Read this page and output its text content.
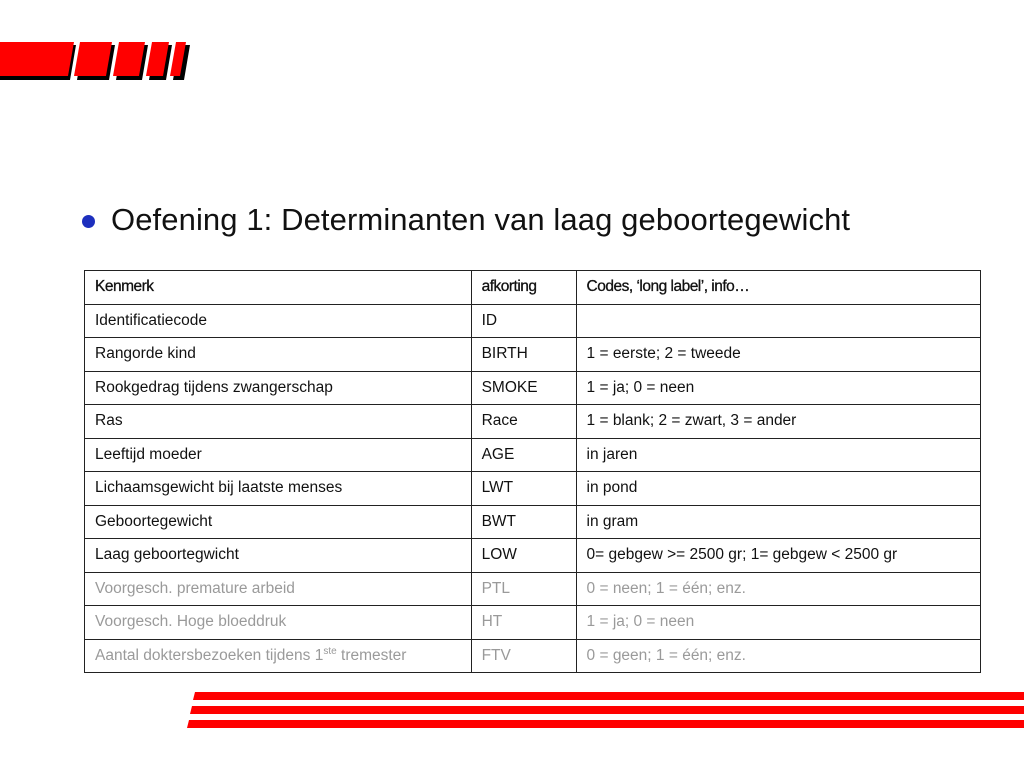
Oefening 1: Determinanten van laag geboortegewicht
Kenmerk	afkorting	Codes, ‘long label’, info…
Identificatiecode	ID	
Rangorde kind	BIRTH	1 = eerste; 2 = tweede
Rookgedrag tijdens zwangerschap	SMOKE	1 = ja; 0 = neen
Ras	Race	1 = blank; 2 = zwart, 3 = ander
Leeftijd moeder	AGE	in jaren
Lichaamsgewicht bij laatste menses	LWT	in pond
Geboortegewicht	BWT	in gram
Laag geboortegwicht	LOW	0= gebgew >= 2500 gr; 1= gebgew < 2500 gr
Voorgesch. premature arbeid	PTL	0 = neen; 1 = één; enz.
Voorgesch. Hoge bloeddruk	HT	1 = ja; 0 = neen
Aantal doktersbezoeken tijdens 1ste tremester	FTV	0 = geen; 1 = één; enz.
